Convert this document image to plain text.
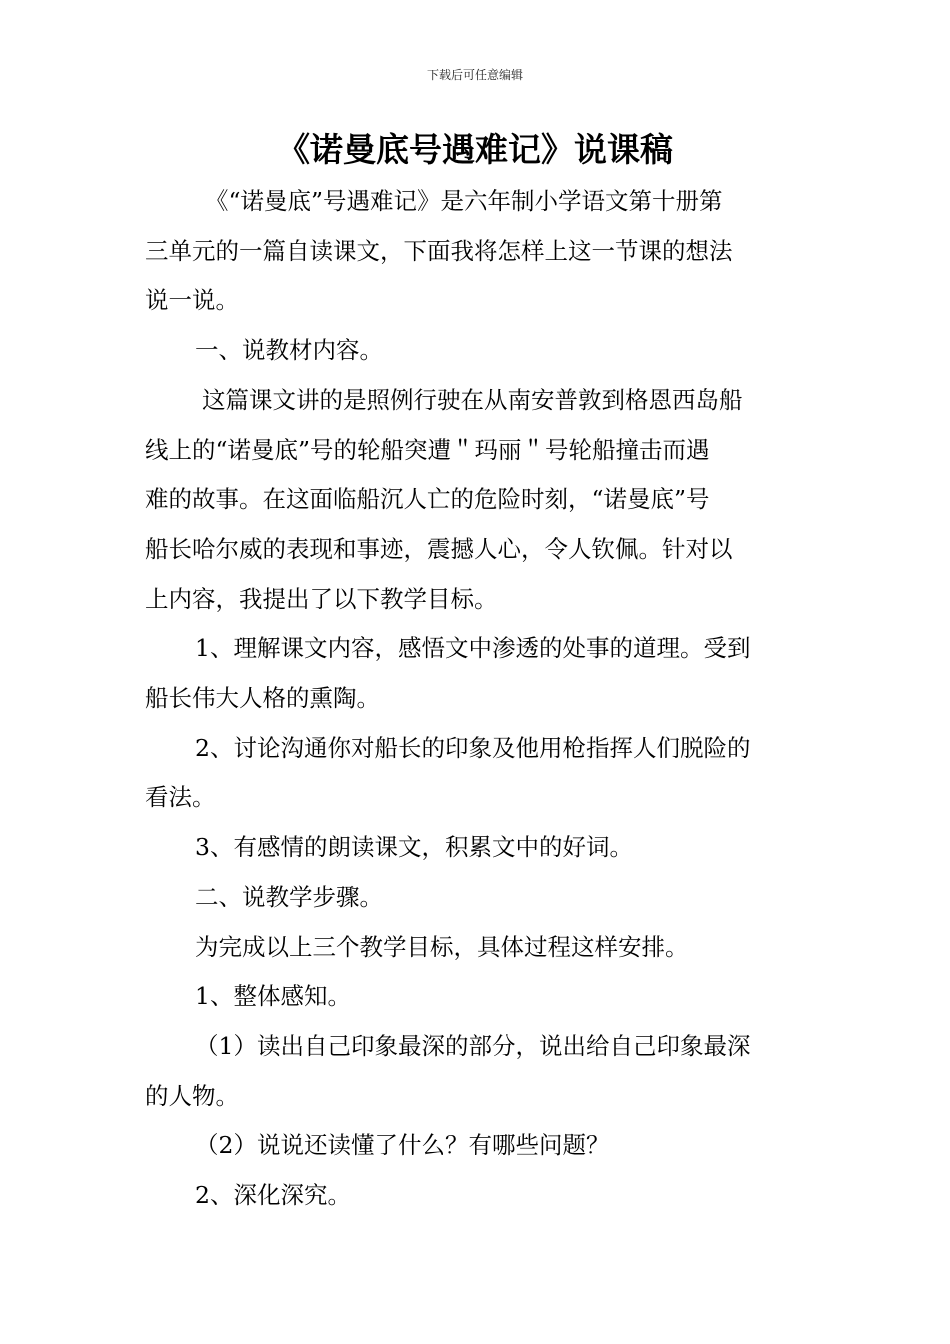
下载后可任意编辑
《诺曼底号遇难记》说课稿

《“诺曼底”号遇难记》是六年制小学语文第十册第

三单元的一篇自读课文，下面我将怎样上这一节课的想法

说一说。

一、说教材内容。

这篇课文讲的是照例行驶在从南安普敦到格恩西岛船

线上的“诺曼底”号的轮船突遭＂玛丽＂号轮船撞击而遇

难的故事。在这面临船沉人亡的危险时刻，“诺曼底”号

船长哈尔威的表现和事迹，震撼人心，令人钦佩。针对以

上内容，我提出了以下教学目标。

1、理解课文内容，感悟文中渗透的处事的道理。受到

船长伟大人格的熏陶。

2、讨论沟通你对船长的印象及他用枪指挥人们脱险的

看法。

3、有感情的朗读课文，积累文中的好词。

二、说教学步骤。

为完成以上三个教学目标，具体过程这样安排。

1、整体感知。

（1）读出自己印象最深的部分，说出给自己印象最深

的人物。

（2）说说还读懂了什么？有哪些问题？

2、深化深究。
